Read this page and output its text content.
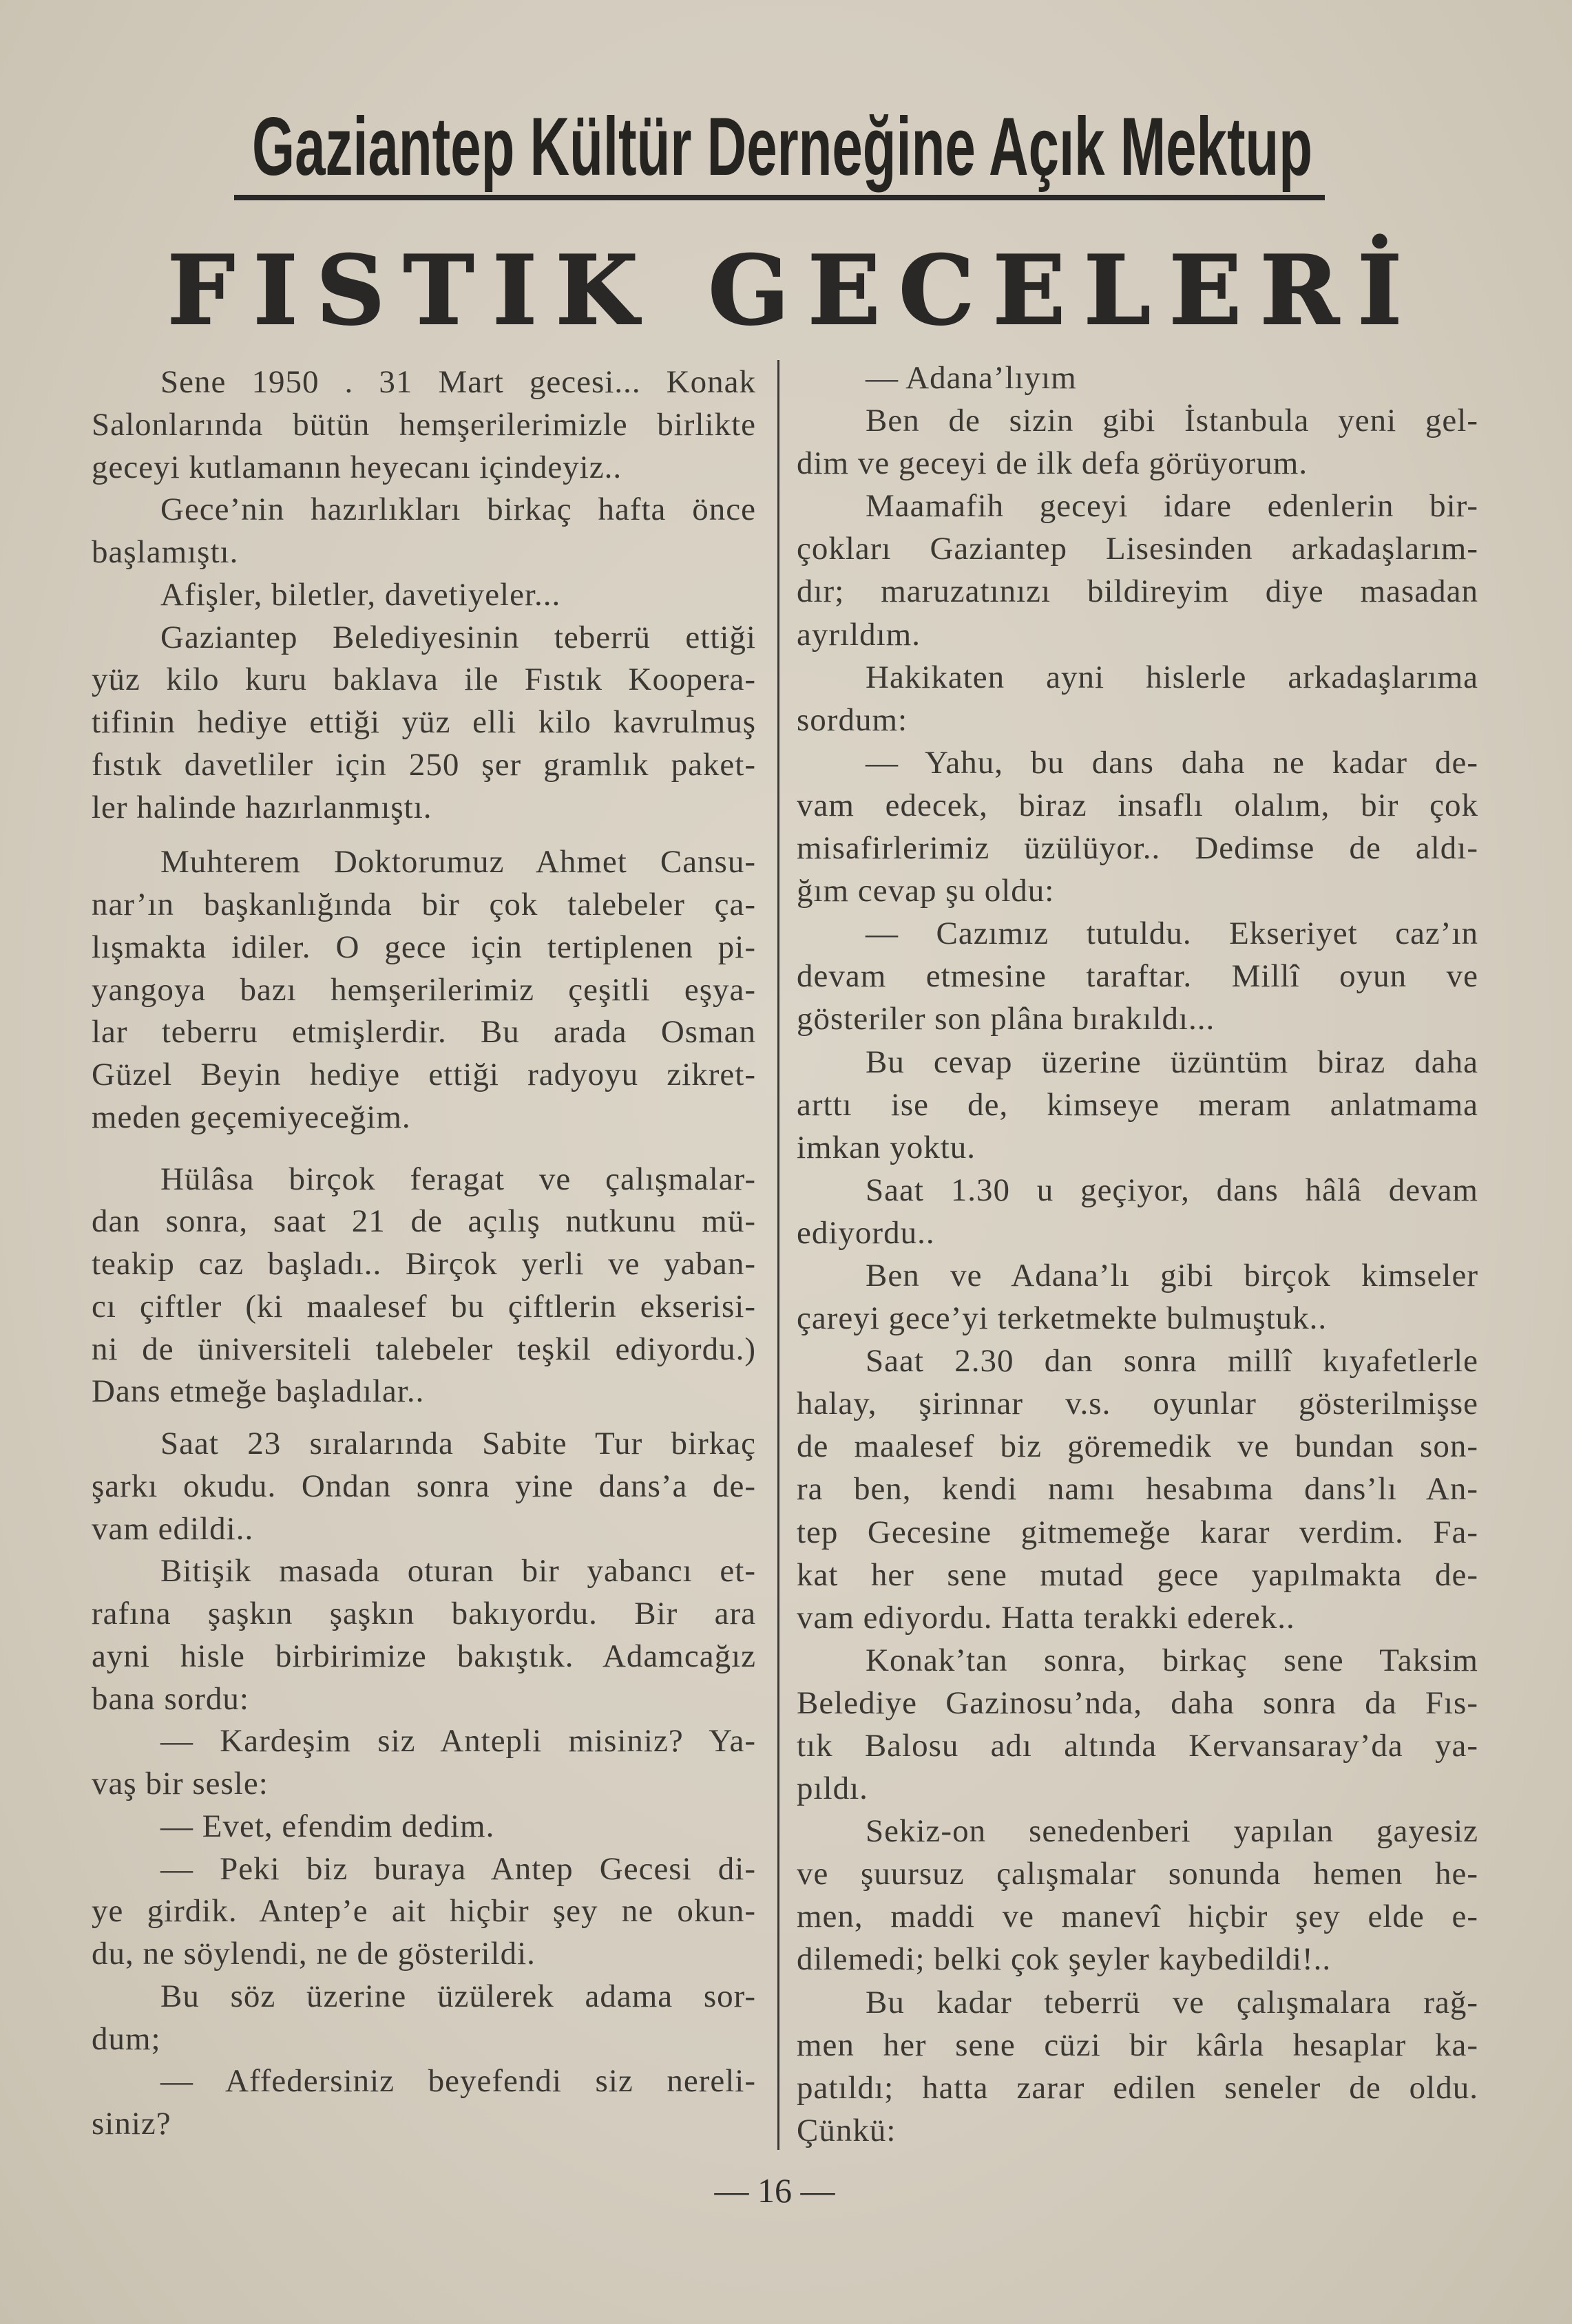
Gaziantep Kültür Derneğine Açık Mektup
FISTIK GECELERİ
Sene 1950 . 31 Mart gecesi... Konak
Salonlarında bütün hemşerilerimizle birlikte
geceyi kutlamanın heyecanı içindeyiz..
Gece’nin hazırlıkları birkaç hafta önce
başlamıştı.
Afişler, biletler, davetiyeler...
Gaziantep Belediyesinin teberrü ettiği
yüz kilo kuru baklava ile Fıstık Koopera-
tifinin hediye ettiği yüz elli kilo kavrulmuş
fıstık davetliler için 250 şer gramlık paket-
ler halinde hazırlanmıştı.
Muhterem Doktorumuz Ahmet Cansu-
nar’ın başkanlığında bir çok talebeler ça-
lışmakta idiler. O gece için tertiplenen pi-
yangoya bazı hemşerilerimiz çeşitli eşya-
lar teberru etmişlerdir. Bu arada Osman
Güzel Beyin hediye ettiği radyoyu zikret-
meden geçemiyeceğim.
Hülâsa birçok feragat ve çalışmalar-
dan sonra, saat 21 de açılış nutkunu mü-
teakip caz başladı.. Birçok yerli ve yaban-
cı çiftler (ki maalesef bu çiftlerin ekserisi-
ni de üniversiteli talebeler teşkil ediyordu.)
Dans etmeğe başladılar..
Saat 23 sıralarında Sabite Tur birkaç
şarkı okudu. Ondan sonra yine dans’a de-
vam edildi..
Bitişik masada oturan bir yabancı et-
rafına şaşkın şaşkın bakıyordu. Bir ara
ayni hisle birbirimize bakıştık. Adamcağız
bana sordu:
— Kardeşim siz Antepli misiniz? Ya-
vaş bir sesle:
— Evet, efendim dedim.
— Peki biz buraya Antep Gecesi di-
ye girdik. Antep’e ait hiçbir şey ne okun-
du, ne söylendi, ne de gösterildi.
Bu söz üzerine üzülerek adama sor-
dum;
— Affedersiniz beyefendi siz nereli-
siniz?
— Adana’lıyım
Ben de sizin gibi İstanbula yeni gel-
dim ve geceyi de ilk defa görüyorum.
Maamafih geceyi idare edenlerin bir-
çokları Gaziantep Lisesinden arkadaşlarım-
dır; maruzatınızı bildireyim diye masadan
ayrıldım.
Hakikaten ayni hislerle arkadaşlarıma
sordum:
— Yahu, bu dans daha ne kadar de-
vam edecek, biraz insaflı olalım, bir çok
misafirlerimiz üzülüyor.. Dedimse de aldı-
ğım cevap şu oldu:
— Cazımız tutuldu. Ekseriyet caz’ın
devam etmesine taraftar. Millî oyun ve
gösteriler son plâna bırakıldı...
Bu cevap üzerine üzüntüm biraz daha
arttı ise de, kimseye meram anlatmama
imkan yoktu.
Saat 1.30 u geçiyor, dans hâlâ devam
ediyordu..
Ben ve Adana’lı gibi birçok kimseler
çareyi gece’yi terketmekte bulmuştuk..
Saat 2.30 dan sonra millî kıyafetlerle
halay, şirinnar v.s. oyunlar gösterilmişse
de maalesef biz göremedik ve bundan son-
ra ben, kendi namı hesabıma dans’lı An-
tep Gecesine gitmemeğe karar verdim. Fa-
kat her sene mutad gece yapılmakta de-
vam ediyordu. Hatta terakki ederek..
Konak’tan sonra, birkaç sene Taksim
Belediye Gazinosu’nda, daha sonra da Fıs-
tık Balosu adı altında Kervansaray’da ya-
pıldı.
Sekiz-on senedenberi yapılan gayesiz
ve şuursuz çalışmalar sonunda hemen he-
men, maddi ve manevî hiçbir şey elde e-
dilemedi; belki çok şeyler kaybedildi!..
Bu kadar teberrü ve çalışmalara rağ-
men her sene cüzi bir kârla hesaplar ka-
patıldı; hatta zarar edilen seneler de oldu.
Çünkü:
— 16 —
